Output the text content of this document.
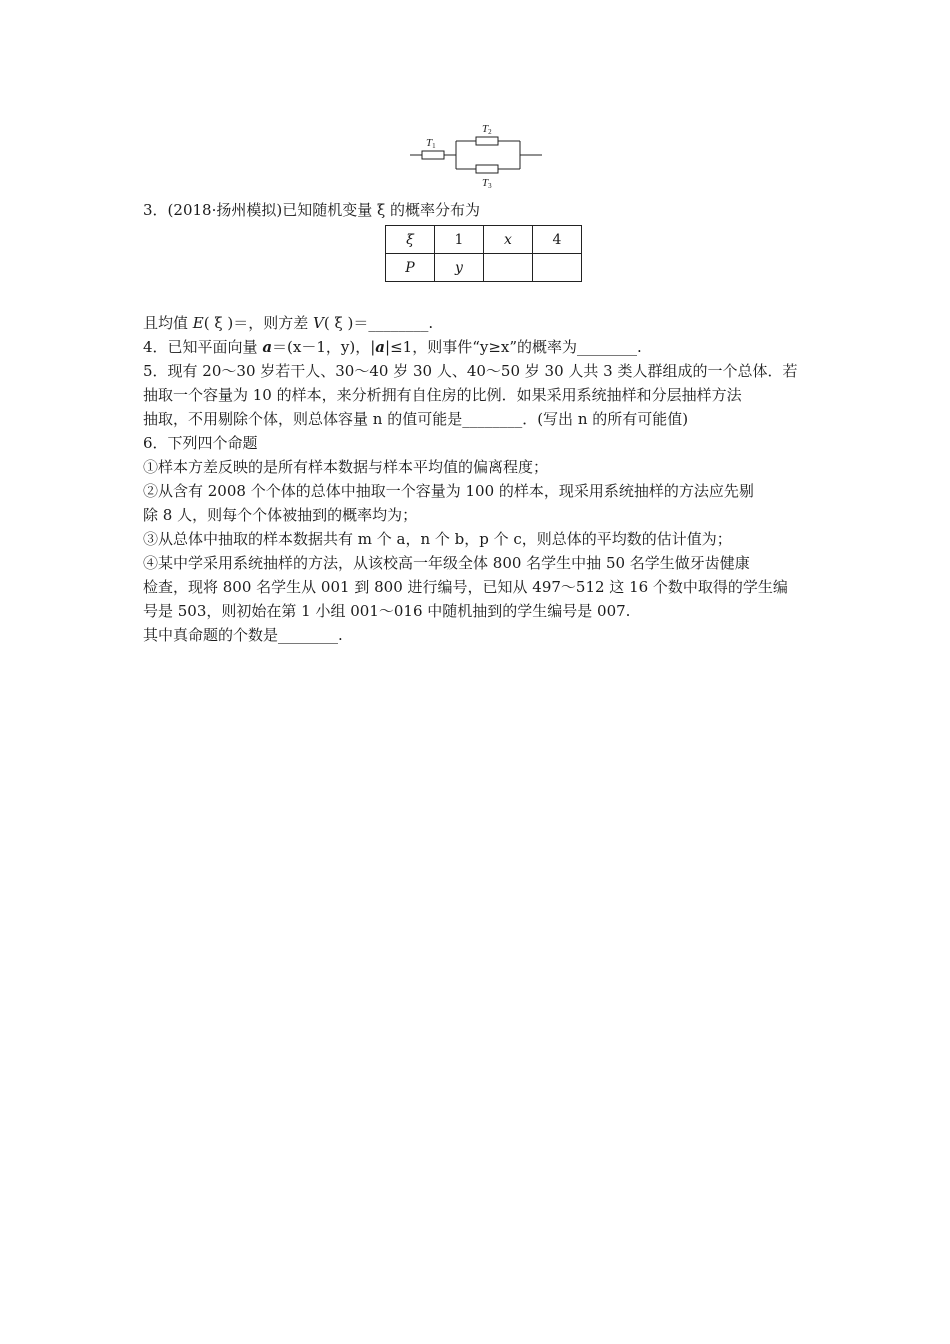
T1
T2
T3
3．(2018·扬州模拟)已知随机变量 ξ 的概率分布为
ξ	1	x	4
P	y		
且均值 E( ξ )＝，则方差 V( ξ )＝________.
4．已知平面向量 a＝(x－1，y)，|a|≤1，则事件“y≥x”的概率为________.
5．现有 20～30 岁若干人、30～40 岁 30 人、40～50 岁 30 人共 3 类人群组成的一个总体．若
抽取一个容量为 10 的样本，来分析拥有自住房的比例．如果采用系统抽样和分层抽样方法
抽取，不用剔除个体，则总体容量 n 的值可能是________．(写出 n 的所有可能值)
6．下列四个命题
①样本方差反映的是所有样本数据与样本平均值的偏离程度；
②从含有 2008 个个体的总体中抽取一个容量为 100 的样本，现采用系统抽样的方法应先剔
除 8 人，则每个个体被抽到的概率均为；
③从总体中抽取的样本数据共有 m 个 a，n 个 b，p 个 c，则总体的平均数的估计值为；
④某中学采用系统抽样的方法，从该校高一年级全体 800 名学生中抽 50 名学生做牙齿健康
检查，现将 800 名学生从 001 到 800 进行编号，已知从 497～512 这 16 个数中取得的学生编
号是 503，则初始在第 1 小组 001～016 中随机抽到的学生编号是 007.
其中真命题的个数是________.
